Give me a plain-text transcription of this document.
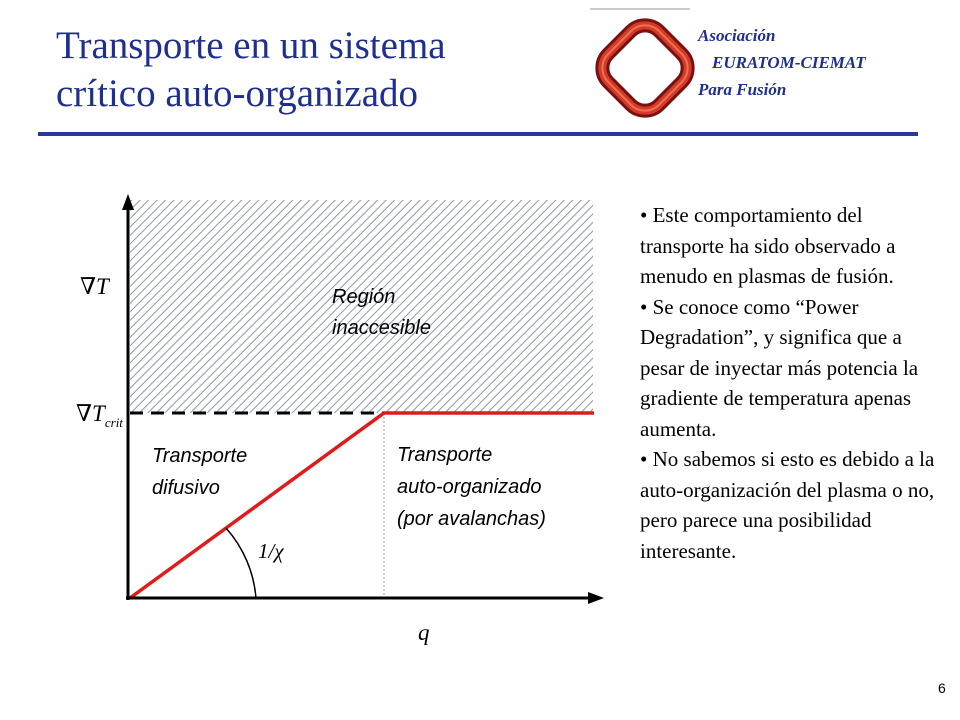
Transporte en un sistema
crítico auto-organizado
Asociación
EURATOM-CIEMAT
Para Fusión
∇T
$\nabla T_{crit}$
q
Región
inaccesible
Transporte
difusivo
Transporte
auto-organizado
(por avalanchas)
1/χ

• Este comportamiento del transporte ha sido observado a menudo en plasmas de fusión.

• Se conoce como “Power Degradation”, y significa que a pesar de inyectar más potencia la gradiente de temperatura apenas aumenta.

• No sabemos si esto es debido a la auto-organización del plasma o no, pero parece una posibilidad interesante.

6
